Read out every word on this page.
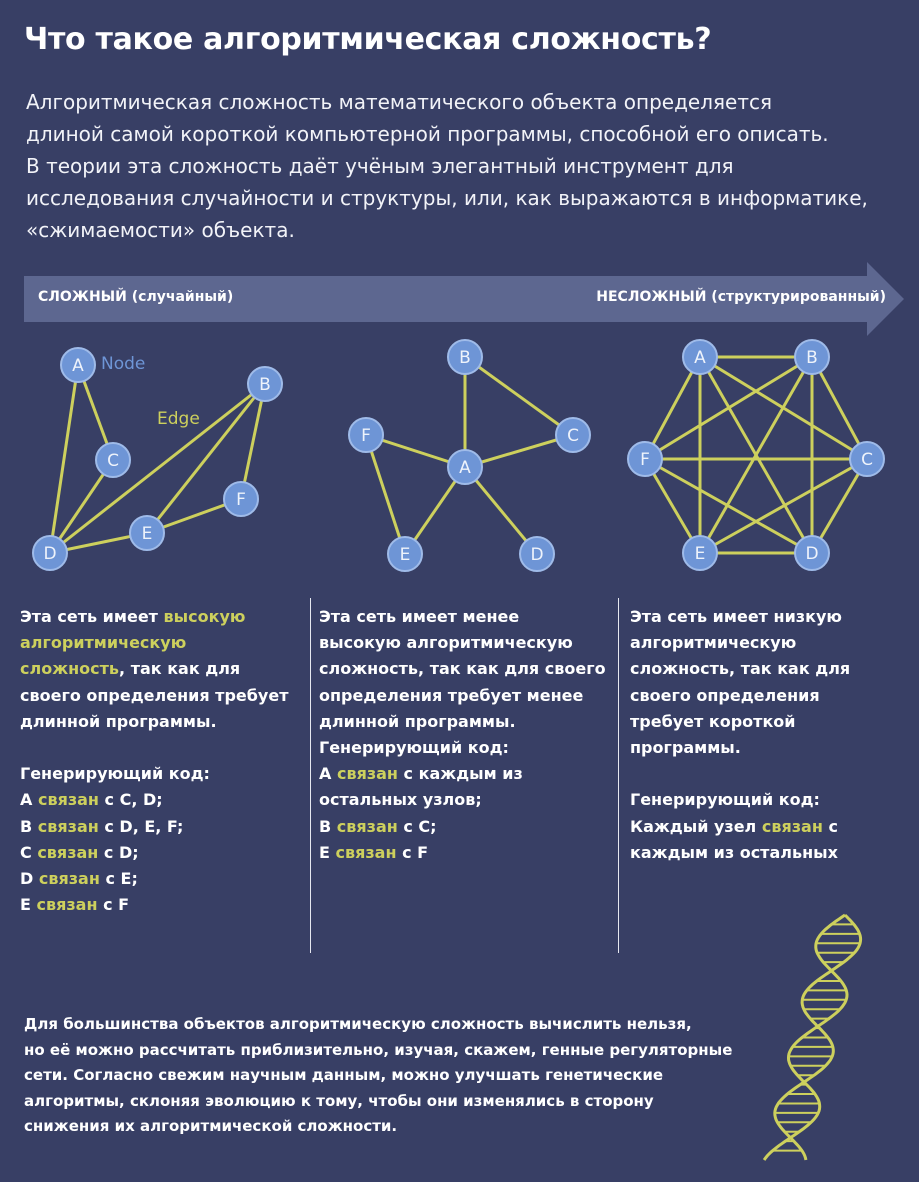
Что такое алгоритмическая сложность?
Алгоритмическая сложность математического объекта определяется
длиной самой короткой компьютерной программы, способной его описать.
В теории эта сложность даёт учёным элегантный инструмент для
исследования случайности и структуры, или, как выражаются в информатике,
«сжимаемости» объекта.
СЛОЖНЫЙ (случайный)	НЕСЛОЖНЫЙ (структурированный)
A
B
C
D
E
F
Node
Edge
A
B
C
D
E
F
A	B
C
D
E
F
Эта сеть имеет высокую
алгоритмическую
сложность, так как для
своего определения требует
длинной программы.

Генерирующий код:
A связан с C, D;
B связан с D, E, F;
C связан с D;
D связан с E;
E связан с F
Эта сеть имеет менее
высокую алгоритмическую
сложность, так как для своего
определения требует менее
длинной программы.
Генерирующий код:
A связан с каждым из
остальных узлов;
B связан с C;
E связан с F
Эта сеть имеет низкую
алгоритмическую
сложность, так как для
своего определения
требует короткой
программы.

Генерирующий код:
Каждый узел связан с
каждым из остальных
Для большинства объектов алгоритмическую сложность вычислить нельзя,
но её можно рассчитать приблизительно, изучая, скажем, генные регуляторные
сети. Согласно свежим научным данным, можно улучшать генетические
алгоритмы, склоняя эволюцию к тому, чтобы они изменялись в сторону
снижения их алгоритмической сложности.
